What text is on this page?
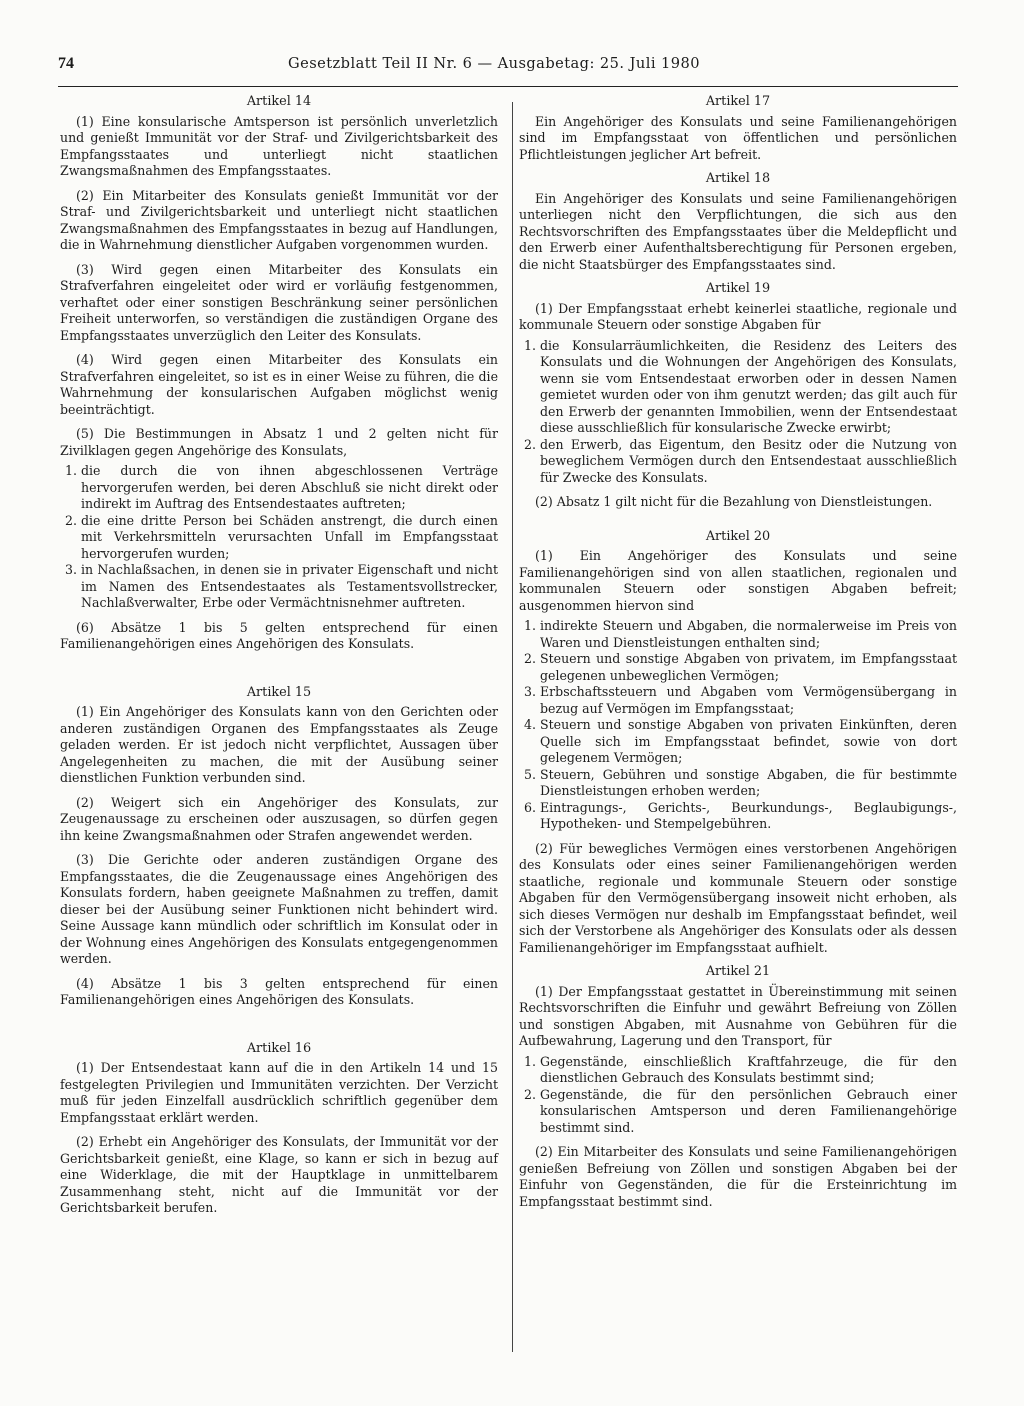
74	Gesetzblatt Teil II Nr. 6 — Ausgabetag: 25. Juli 1980
Artikel 14

(1) Eine konsularische Amtsperson ist persönlich unverletzlich und genießt Immunität vor der Straf- und Zivilgerichtsbarkeit des Empfangsstaates und unterliegt nicht staatlichen Zwangsmaßnahmen des Empfangsstaates.

(2) Ein Mitarbeiter des Konsulats genießt Immunität vor der Straf- und Zivilgerichtsbarkeit und unterliegt nicht staatlichen Zwangsmaßnahmen des Empfangsstaates in bezug auf Handlungen, die in Wahrnehmung dienstlicher Aufgaben vorgenommen wurden.

(3) Wird gegen einen Mitarbeiter des Konsulats ein Strafverfahren eingeleitet oder wird er vorläufig festgenommen, verhaftet oder einer sonstigen Beschränkung seiner persönlichen Freiheit unterworfen, so verständigen die zuständigen Organe des Empfangsstaates unverzüglich den Leiter des Konsulats.

(4) Wird gegen einen Mitarbeiter des Konsulats ein Strafverfahren eingeleitet, so ist es in einer Weise zu führen, die die Wahrnehmung der konsularischen Aufgaben möglichst wenig beeinträchtigt.

(5) Die Bestimmungen in Absatz 1 und 2 gelten nicht für Zivilklagen gegen Angehörige des Konsulats,

1. die durch die von ihnen abgeschlossenen Verträge hervorgerufen werden, bei deren Abschluß sie nicht direkt oder indirekt im Auftrag des Entsendestaates auftreten;
2. die eine dritte Person bei Schäden anstrengt, die durch einen mit Verkehrsmitteln verursachten Unfall im Empfangsstaat hervorgerufen wurden;
3. in Nachlaßsachen, in denen sie in privater Eigenschaft und nicht im Namen des Entsendestaates als Testamentsvollstrecker, Nachlaßverwalter, Erbe oder Vermächtnisnehmer auftreten.

(6) Absätze 1 bis 5 gelten entsprechend für einen Familienangehörigen eines Angehörigen des Konsulats.

Artikel 15

(1) Ein Angehöriger des Konsulats kann von den Gerichten oder anderen zuständigen Organen des Empfangsstaates als Zeuge geladen werden. Er ist jedoch nicht verpflichtet, Aussagen über Angelegenheiten zu machen, die mit der Ausübung seiner dienstlichen Funktion verbunden sind.

(2) Weigert sich ein Angehöriger des Konsulats, zur Zeugenaussage zu erscheinen oder auszusagen, so dürfen gegen ihn keine Zwangsmaßnahmen oder Strafen angewendet werden.

(3) Die Gerichte oder anderen zuständigen Organe des Empfangsstaates, die die Zeugenaussage eines Angehörigen des Konsulats fordern, haben geeignete Maßnahmen zu treffen, damit dieser bei der Ausübung seiner Funktionen nicht behindert wird. Seine Aussage kann mündlich oder schriftlich im Konsulat oder in der Wohnung eines Angehörigen des Konsulats entgegengenommen werden.

(4) Absätze 1 bis 3 gelten entsprechend für einen Familienangehörigen eines Angehörigen des Konsulats.

Artikel 16

(1) Der Entsendestaat kann auf die in den Artikeln 14 und 15 festgelegten Privilegien und Immunitäten verzichten. Der Verzicht muß für jeden Einzelfall ausdrücklich schriftlich gegenüber dem Empfangsstaat erklärt werden.

(2) Erhebt ein Angehöriger des Konsulats, der Immunität vor der Gerichtsbarkeit genießt, eine Klage, so kann er sich in bezug auf eine Widerklage, die mit der Hauptklage in unmittelbarem Zusammenhang steht, nicht auf die Immunität vor der Gerichtsbarkeit berufen.

Artikel 17

Ein Angehöriger des Konsulats und seine Familienangehörigen sind im Empfangsstaat von öffentlichen und persönlichen Pflichtleistungen jeglicher Art befreit.

Artikel 18

Ein Angehöriger des Konsulats und seine Familienangehörigen unterliegen nicht den Verpflichtungen, die sich aus den Rechtsvorschriften des Empfangsstaates über die Meldepflicht und den Erwerb einer Aufenthaltsberechtigung für Personen ergeben, die nicht Staatsbürger des Empfangsstaates sind.

Artikel 19

(1) Der Empfangsstaat erhebt keinerlei staatliche, regionale und kommunale Steuern oder sonstige Abgaben für

1. die Konsularräumlichkeiten, die Residenz des Leiters des Konsulats und die Wohnungen der Angehörigen des Konsulats, wenn sie vom Entsendestaat erworben oder in dessen Namen gemietet wurden oder von ihm genutzt werden; das gilt auch für den Erwerb der genannten Immobilien, wenn der Entsendestaat diese ausschließlich für konsularische Zwecke erwirbt;
2. den Erwerb, das Eigentum, den Besitz oder die Nutzung von beweglichem Vermögen durch den Entsendestaat ausschließlich für Zwecke des Konsulats.

(2) Absatz 1 gilt nicht für die Bezahlung von Dienstleistungen.

Artikel 20

(1) Ein Angehöriger des Konsulats und seine Familienangehörigen sind von allen staatlichen, regionalen und kommunalen Steuern oder sonstigen Abgaben befreit; ausgenommen hiervon sind

1. indirekte Steuern und Abgaben, die normalerweise im Preis von Waren und Dienstleistungen enthalten sind;
2. Steuern und sonstige Abgaben von privatem, im Empfangsstaat gelegenen unbeweglichen Vermögen;
3. Erbschaftssteuern und Abgaben vom Vermögensübergang in bezug auf Vermögen im Empfangsstaat;
4. Steuern und sonstige Abgaben von privaten Einkünften, deren Quelle sich im Empfangsstaat befindet, sowie von dort gelegenem Vermögen;
5. Steuern, Gebühren und sonstige Abgaben, die für bestimmte Dienstleistungen erhoben werden;
6. Eintragungs-, Gerichts-, Beurkundungs-, Beglaubigungs-, Hypotheken- und Stempelgebühren.

(2) Für bewegliches Vermögen eines verstorbenen Angehörigen des Konsulats oder eines seiner Familienangehörigen werden staatliche, regionale und kommunale Steuern oder sonstige Abgaben für den Vermögensübergang insoweit nicht erhoben, als sich dieses Vermögen nur deshalb im Empfangsstaat befindet, weil sich der Verstorbene als Angehöriger des Konsulats oder als dessen Familienangehöriger im Empfangsstaat aufhielt.

Artikel 21

(1) Der Empfangsstaat gestattet in Übereinstimmung mit seinen Rechtsvorschriften die Einfuhr und gewährt Befreiung von Zöllen und sonstigen Abgaben, mit Ausnahme von Gebühren für die Aufbewahrung, Lagerung und den Transport, für

1. Gegenstände, einschließlich Kraftfahrzeuge, die für den dienstlichen Gebrauch des Konsulats bestimmt sind;
2. Gegenstände, die für den persönlichen Gebrauch einer konsularischen Amtsperson und deren Familienangehörige bestimmt sind.

(2) Ein Mitarbeiter des Konsulats und seine Familienangehörigen genießen Befreiung von Zöllen und sonstigen Abgaben bei der Einfuhr von Gegenständen, die für die Ersteinrichtung im Empfangsstaat bestimmt sind.
